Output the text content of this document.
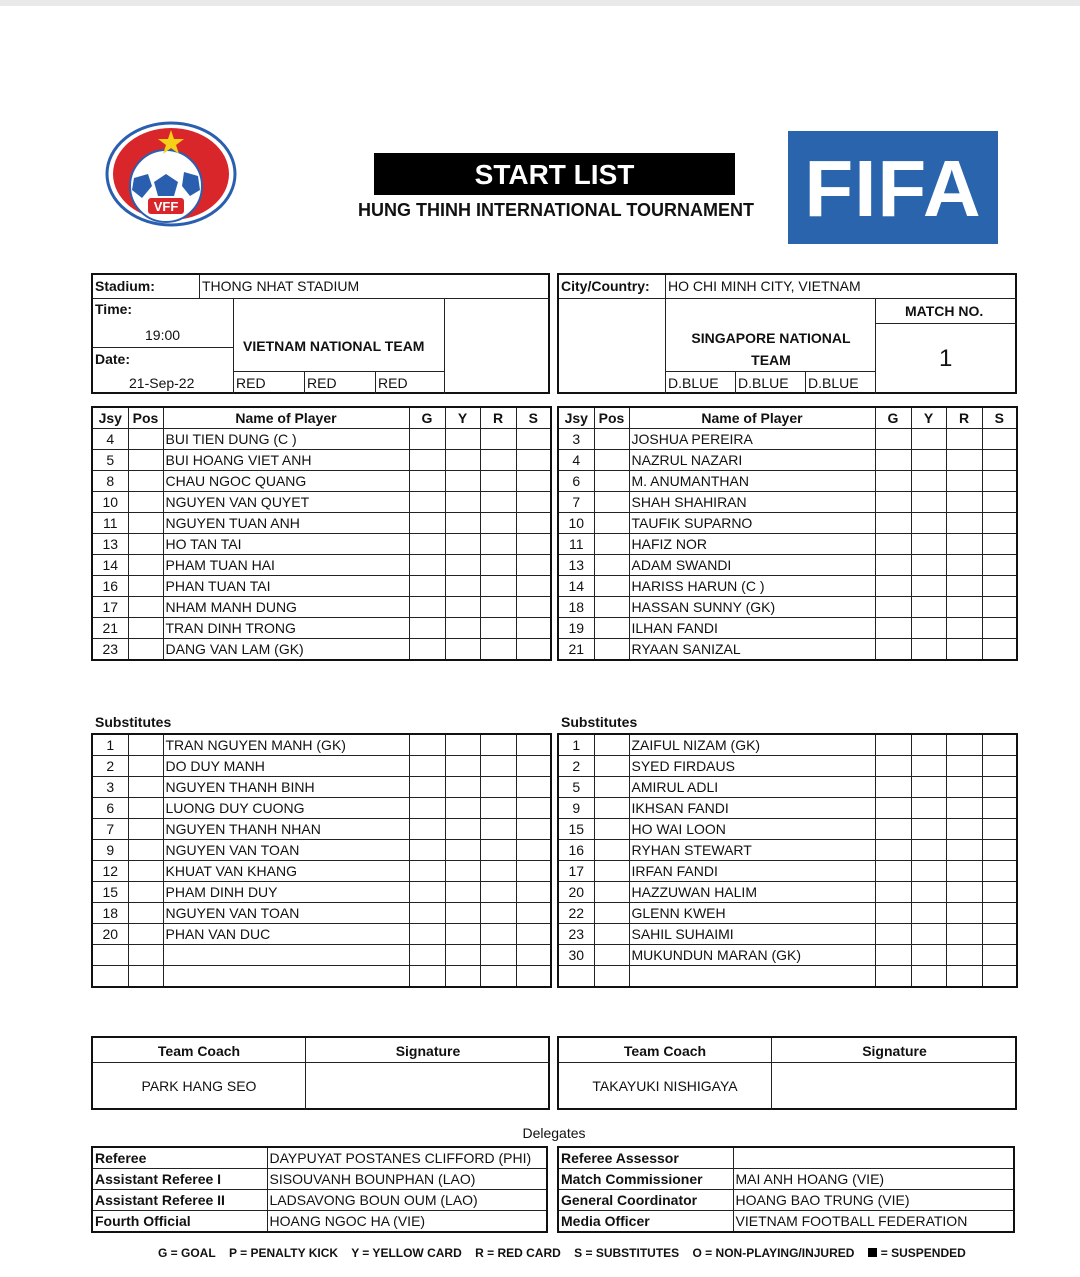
VFF
START LIST
HUNG THINH INTERNATIONAL TOURNAMENT FIFA
Stadium:	THONG NHAT STADIUM
Time:
19:00
Date:
21-Sep-22
VIETNAM NATIONAL TEAM
RED	RED	RED
City/Country: HO CHI MINH CITY, VIETNAM
MATCH NO.
1
SINGAPORE NATIONAL TEAM
D.BLUE D.BLUE D.BLUE
Jsy	Pos	Name of Player	G	Y	R	S
4		BUI TIEN DUNG (C )				
5		BUI HOANG VIET ANH				
8		CHAU NGOC QUANG				
10		NGUYEN VAN QUYET				
11		NGUYEN TUAN ANH				
13		HO TAN TAI				
14		PHAM TUAN HAI				
16		PHAN TUAN TAI				
17		NHAM MANH DUNG				
21		TRAN DINH TRONG				
23		DANG VAN LAM (GK)				
Jsy	Pos	Name of Player	G	Y	R	S
3		JOSHUA PEREIRA				
4		NAZRUL NAZARI				
6		M. ANUMANTHAN				
7		SHAH SHAHIRAN				
10		TAUFIK SUPARNO				
11		HAFIZ NOR				
13		ADAM SWANDI				
14		HARISS HARUN (C )				
18		HASSAN SUNNY (GK)				
19		ILHAN FANDI				
21		RYAAN SANIZAL				
1		TRAN NGUYEN MANH (GK)				
2		DO DUY MANH				
3		NGUYEN THANH BINH				
6		LUONG DUY CUONG				
7		NGUYEN THANH NHAN				
9		NGUYEN VAN TOAN				
12		KHUAT VAN KHANG				
15		PHAM DINH DUY				
18		NGUYEN VAN TOAN				
20		PHAN VAN DUC				

1		ZAIFUL NIZAM (GK)				
2		SYED FIRDAUS				
5		AMIRUL ADLI				
9		IKHSAN FANDI				
15		HO WAI LOON				
16		RYHAN STEWART				
17		IRFAN FANDI				
20		HAZZUWAN HALIM				
22		GLENN KWEH				
23		SAHIL SUHAIMI				
30		MUKUNDUN MARAN (GK)				

Substitutes	Substitutes
Team Coach	Signature
PARK HANG SEO
Team Coach	Signature
TAKAYUKI NISHIGAYA
Delegates
Referee	DAYPUYAT POSTANES CLIFFORD (PHI)
Assistant Referee I	SISOUVANH BOUNPHAN (LAO)
Assistant Referee II	LADSAVONG BOUN OUM (LAO)
Fourth Official	HOANG NGOC HA (VIE)
Referee Assessor	
Match Commissioner	MAI ANH HOANG (VIE)
General Coordinator	HOANG BAO TRUNG (VIE)
Media Officer	VIETNAM FOOTBALL FEDERATION
G = GOAL P = PENALTY KICK Y = YELLOW CARD R = RED CARD S = SUBSTITUTES O = NON-PLAYING/INJURED = SUSPENDED
